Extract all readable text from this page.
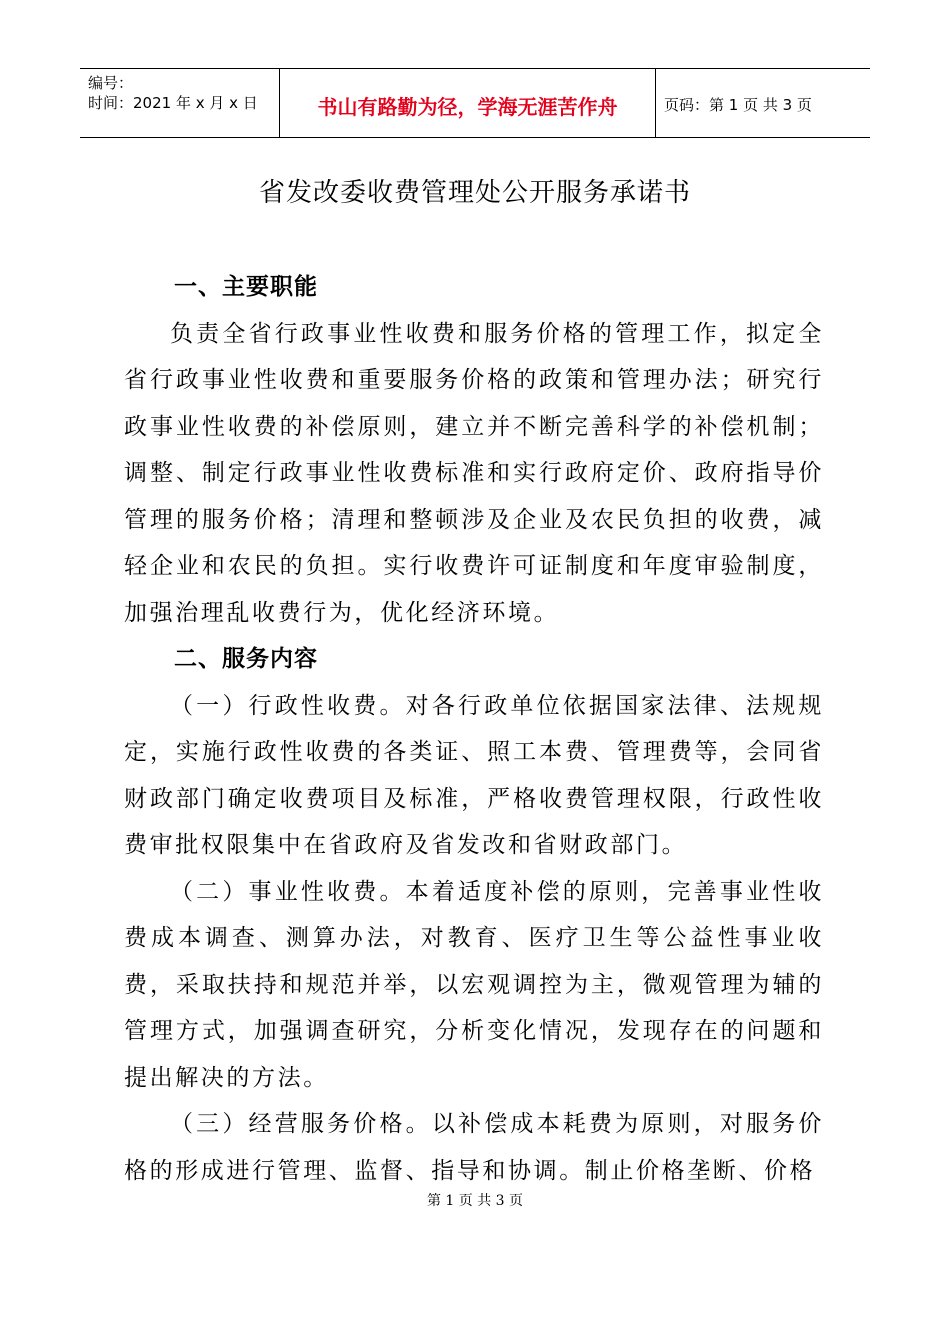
编号：
时间：2021 年 x 月 x 日	书山有路勤为径，学海无涯苦作舟	页码：第 1 页 共 3 页
省发改委收费管理处公开服务承诺书
一、主要职能

负责全省行政事业性收费和服务价格的管理工作，拟定全省行政事业性收费和重要服务价格的政策和管理办法；研究行政事业性收费的补偿原则，建立并不断完善科学的补偿机制；调整、制定行政事业性收费标准和实行政府定价、政府指导价管理的服务价格；清理和整顿涉及企业及农民负担的收费，减轻企业和农民的负担。实行收费许可证制度和年度审验制度，加强治理乱收费行为，优化经济环境。

二、服务内容

（一）行政性收费。对各行政单位依据国家法律、法规规定，实施行政性收费的各类证、照工本费、管理费等，会同省财政部门确定收费项目及标准，严格收费管理权限，行政性收费审批权限集中在省政府及省发改和省财政部门。

（二）事业性收费。本着适度补偿的原则，完善事业性收费成本调查、测算办法，对教育、医疗卫生等公益性事业收费，采取扶持和规范并举，以宏观调控为主，微观管理为辅的管理方式，加强调查研究，分析变化情况，发现存在的问题和提出解决的方法。

（三）经营服务价格。以补偿成本耗费为原则，对服务价格的形成进行管理、监督、指导和协调。制止价格垄断、价格

第 1 页 共 3 页
